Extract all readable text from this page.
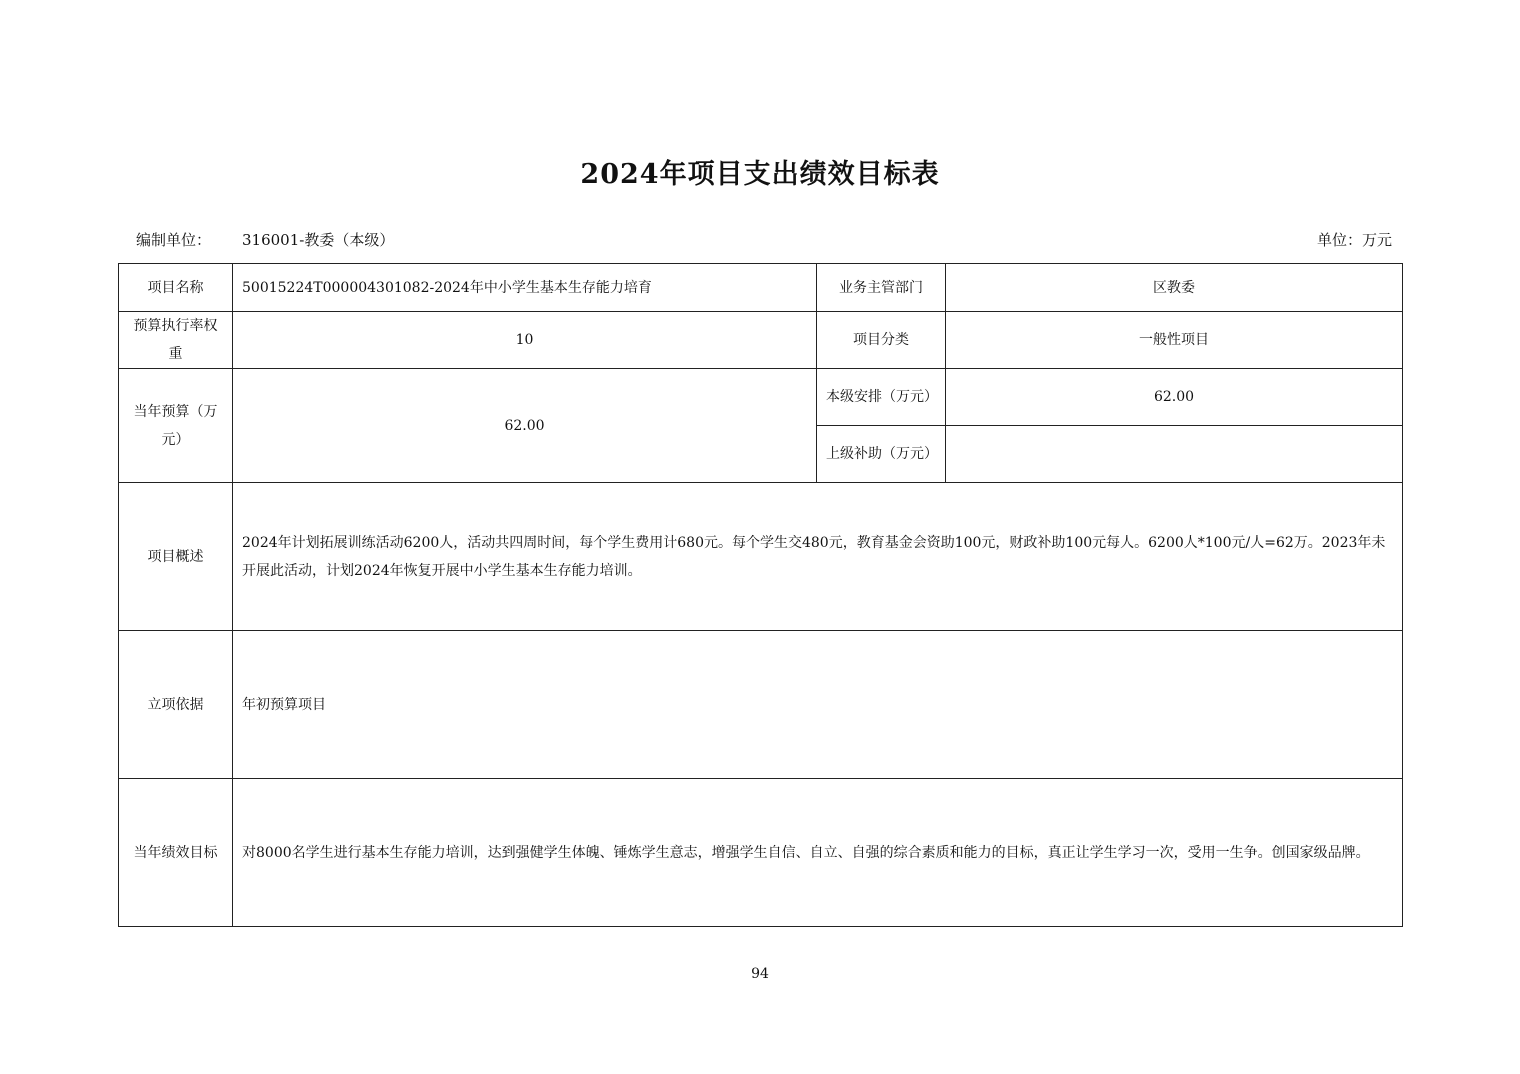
2024年项目支出绩效目标表
编制单位： 316001-教委（本级）	单位：万元
项目名称	50015224T000004301082-2024年中小学生基本生存能力培育	业务主管部门	区教委
预算执行率权重	10	项目分类	一般性项目
当年预算（万元）	62.00	本级安排（万元）	62.00
		上级补助（万元）	
项目概述	2024年计划拓展训练活动6200人，活动共四周时间，每个学生费用计680元。每个学生交480元，教育基金会资助100元，财政补助100元每人。6200人*100元/人=62万。2023年未开展此活动，计划2024年恢复开展中小学生基本生存能力培训。		
立项依据	年初预算项目		
当年绩效目标	对8000名学生进行基本生存能力培训，达到强健学生体魄、锤炼学生意志，增强学生自信、自立、自强的综合素质和能力的目标，真正让学生学习一次，受用一生争。创国家级品牌。		
94
